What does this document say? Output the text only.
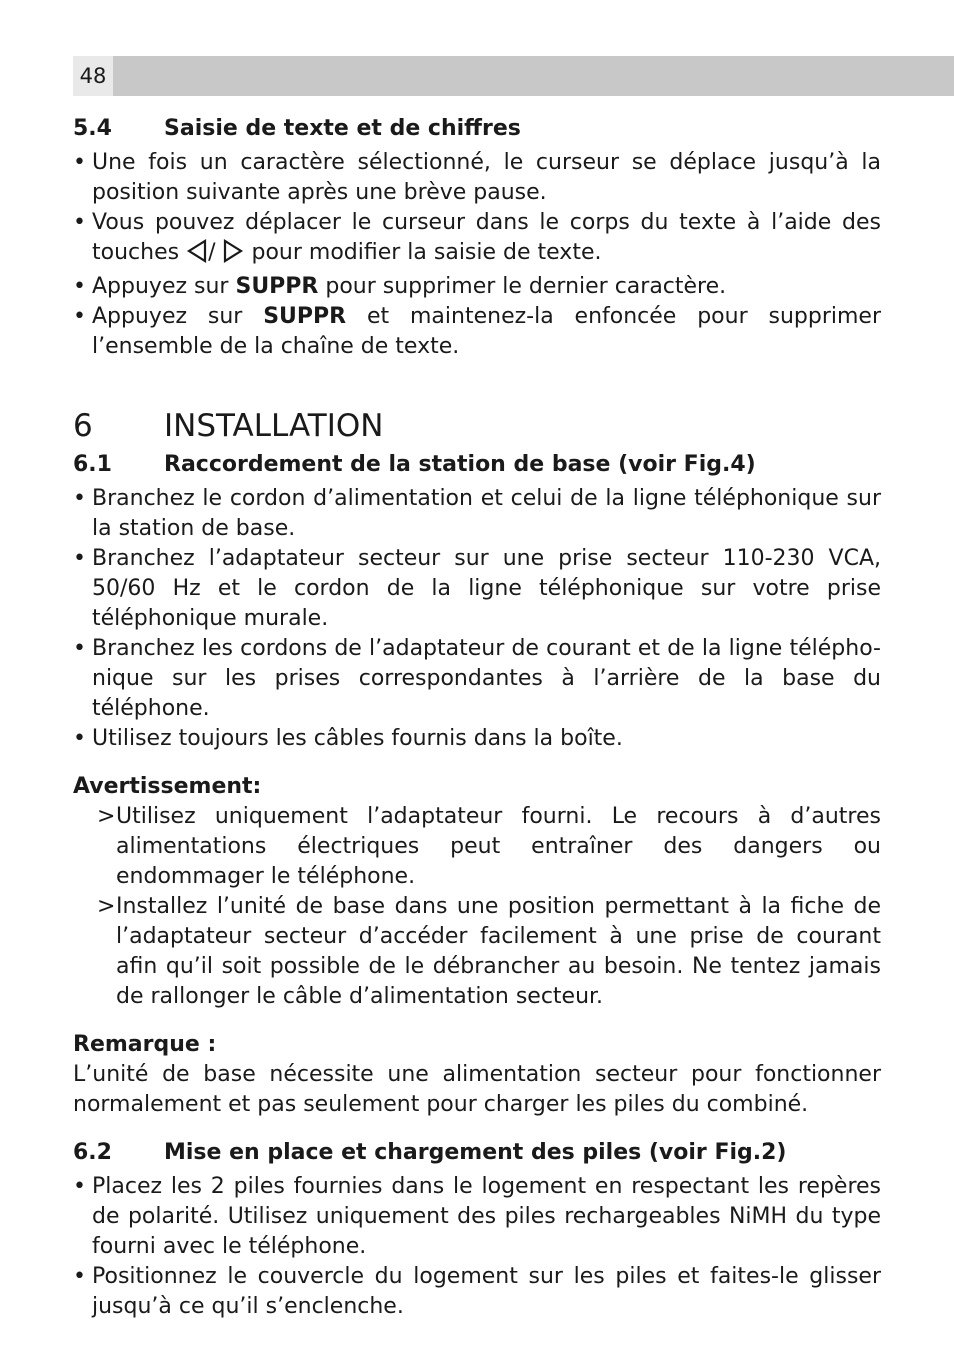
48
5.4	Saisie de texte et de chiffres
• Une fois un caractère sélectionné, le curseur se déplace jusqu’à la position suivante après une brève pause.
• Vous pouvez déplacer le curseur dans le corps du texte à l’aide des touches /  pour modifier la saisie de texte.
• Appuyez sur SUPPR pour supprimer le dernier caractère.
• Appuyez sur SUPPR et maintenez-la enfoncée pour supprimer l’ensemble de la chaîne de texte.
6	INSTALLATION
6.1	Raccordement de la station de base (voir Fig.4)
• Branchez le cordon d’alimentation et celui de la ligne téléphonique sur la station de base.
• Branchez l’adaptateur secteur sur une prise secteur 110-230 VCA, 50/60 Hz et le cordon de la ligne téléphonique sur votre prise téléphonique murale.
• Branchez les cordons de l’adaptateur de courant et de la ligne télépho-nique sur les prises correspondantes à l’arrière de la base du téléphone.
• Utilisez toujours les câbles fournis dans la boîte.
Avertissement:
> Utilisez uniquement l’adaptateur fourni. Le recours à d’autres alimentations électriques peut entraîner des dangers ou endommager le téléphone.
> Installez l’unité de base dans une position permettant à la fiche de l’adaptateur secteur d’accéder facilement à une prise de courant afin qu’il soit possible de le débrancher au besoin. Ne tentez jamais de rallonger le câble d’alimentation secteur.
Remarque :
L’unité de base nécessite une alimentation secteur pour fonctionner normalement et pas seulement pour charger les piles du combiné.
6.2	Mise en place et chargement des piles (voir Fig.2)
• Placez les 2 piles fournies dans le logement en respectant les repères de polarité. Utilisez uniquement des piles rechargeables NiMH du type fourni avec le téléphone.
• Positionnez le couvercle du logement sur les piles et faites-le glisser jusqu’à ce qu’il s’enclenche.
